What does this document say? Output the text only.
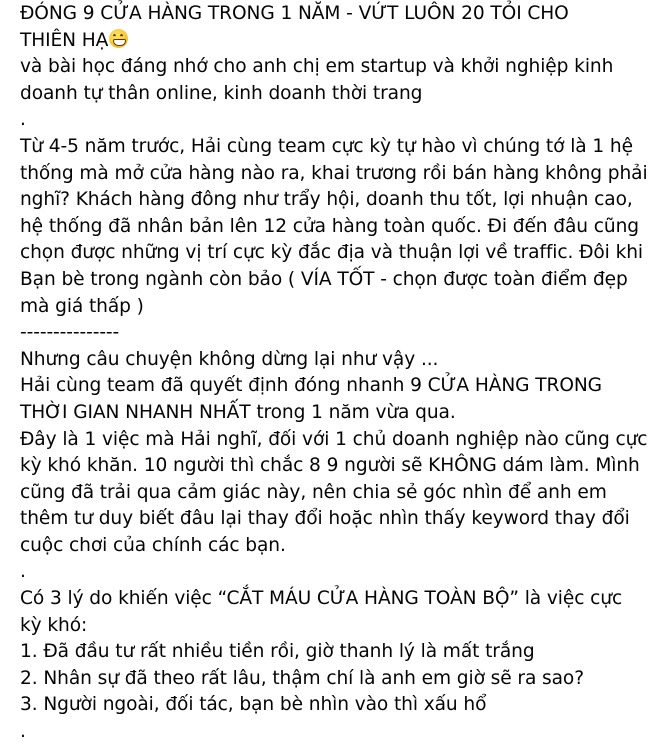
ĐÓNG 9 CỬA HÀNG TRONG 1 NĂM - VỨT LUÔN 20 TỎI CHO
THIÊN HẠ
và bài học đáng nhớ cho anh chị em startup và khởi nghiệp kinh
doanh tự thân online, kinh doanh thời trang
.
Từ 4-5 năm trước, Hải cùng team cực kỳ tự hào vì chúng tớ là 1 hệ
thống mà mở cửa hàng nào ra, khai trương rồi bán hàng không phải
nghĩ? Khách hàng đông như trẩy hội, doanh thu tốt, lợi nhuận cao,
hệ thống đã nhân bản lên 12 cửa hàng toàn quốc. Đi đến đâu cũng
chọn được những vị trí cực kỳ đắc địa và thuận lợi về traffic. Đôi khi
Bạn bè trong ngành còn bảo ( VÍA TỐT - chọn được toàn điểm đẹp
mà giá thấp )
---------------
Nhưng câu chuyện không dừng lại như vậy ...
Hải cùng team đã quyết định đóng nhanh 9 CỬA HÀNG TRONG
THỜI GIAN NHANH NHẤT trong 1 năm vừa qua.
Đây là 1 việc mà Hải nghĩ, đối với 1 chủ doanh nghiệp nào cũng cực
kỳ khó khăn. 10 người thì chắc 8 9 người sẽ KHÔNG dám làm. Mình
cũng đã trải qua cảm giác này, nên chia sẻ góc nhìn để anh em
thêm tư duy biết đâu lại thay đổi hoặc nhìn thấy keyword thay đổi
cuộc chơi của chính các bạn.
.
Có 3 lý do khiến việc “CẮT MÁU CỬA HÀNG TOÀN BỘ” là việc cực
kỳ khó:
1. Đã đầu tư rất nhiều tiền rồi, giờ thanh lý là mất trắng
2. Nhân sự đã theo rất lâu, thậm chí là anh em giờ sẽ ra sao?
3. Người ngoài, đối tác, bạn bè nhìn vào thì xấu hổ
.
